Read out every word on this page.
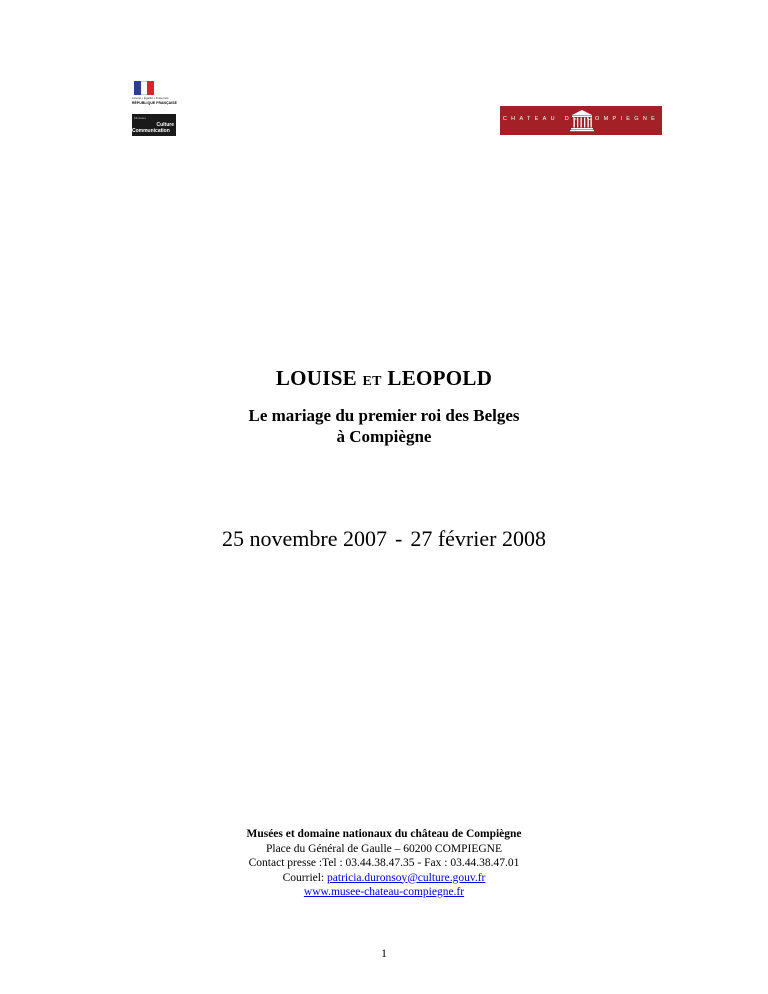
Liberté • Égalité • Fraternité
RÉPUBLIQUE FRANÇAISE
Ministère
Culture
Communication
CHATEAU DE COMPIEGNE
LOUISE ET LEOPOLD
Le mariage du premier roi des Belges
à Compiègne
25 novembre 2007 - 27 février 2008
Musées et domaine nationaux du château de Compiègne
Place du Général de Gaulle – 60200 COMPIEGNE
Contact presse :Tel : 03.44.38.47.35 - Fax : 03.44.38.47.01
Courriel: patricia.duronsoy@culture.gouv.fr
www.musee-chateau-compiegne.fr
1
